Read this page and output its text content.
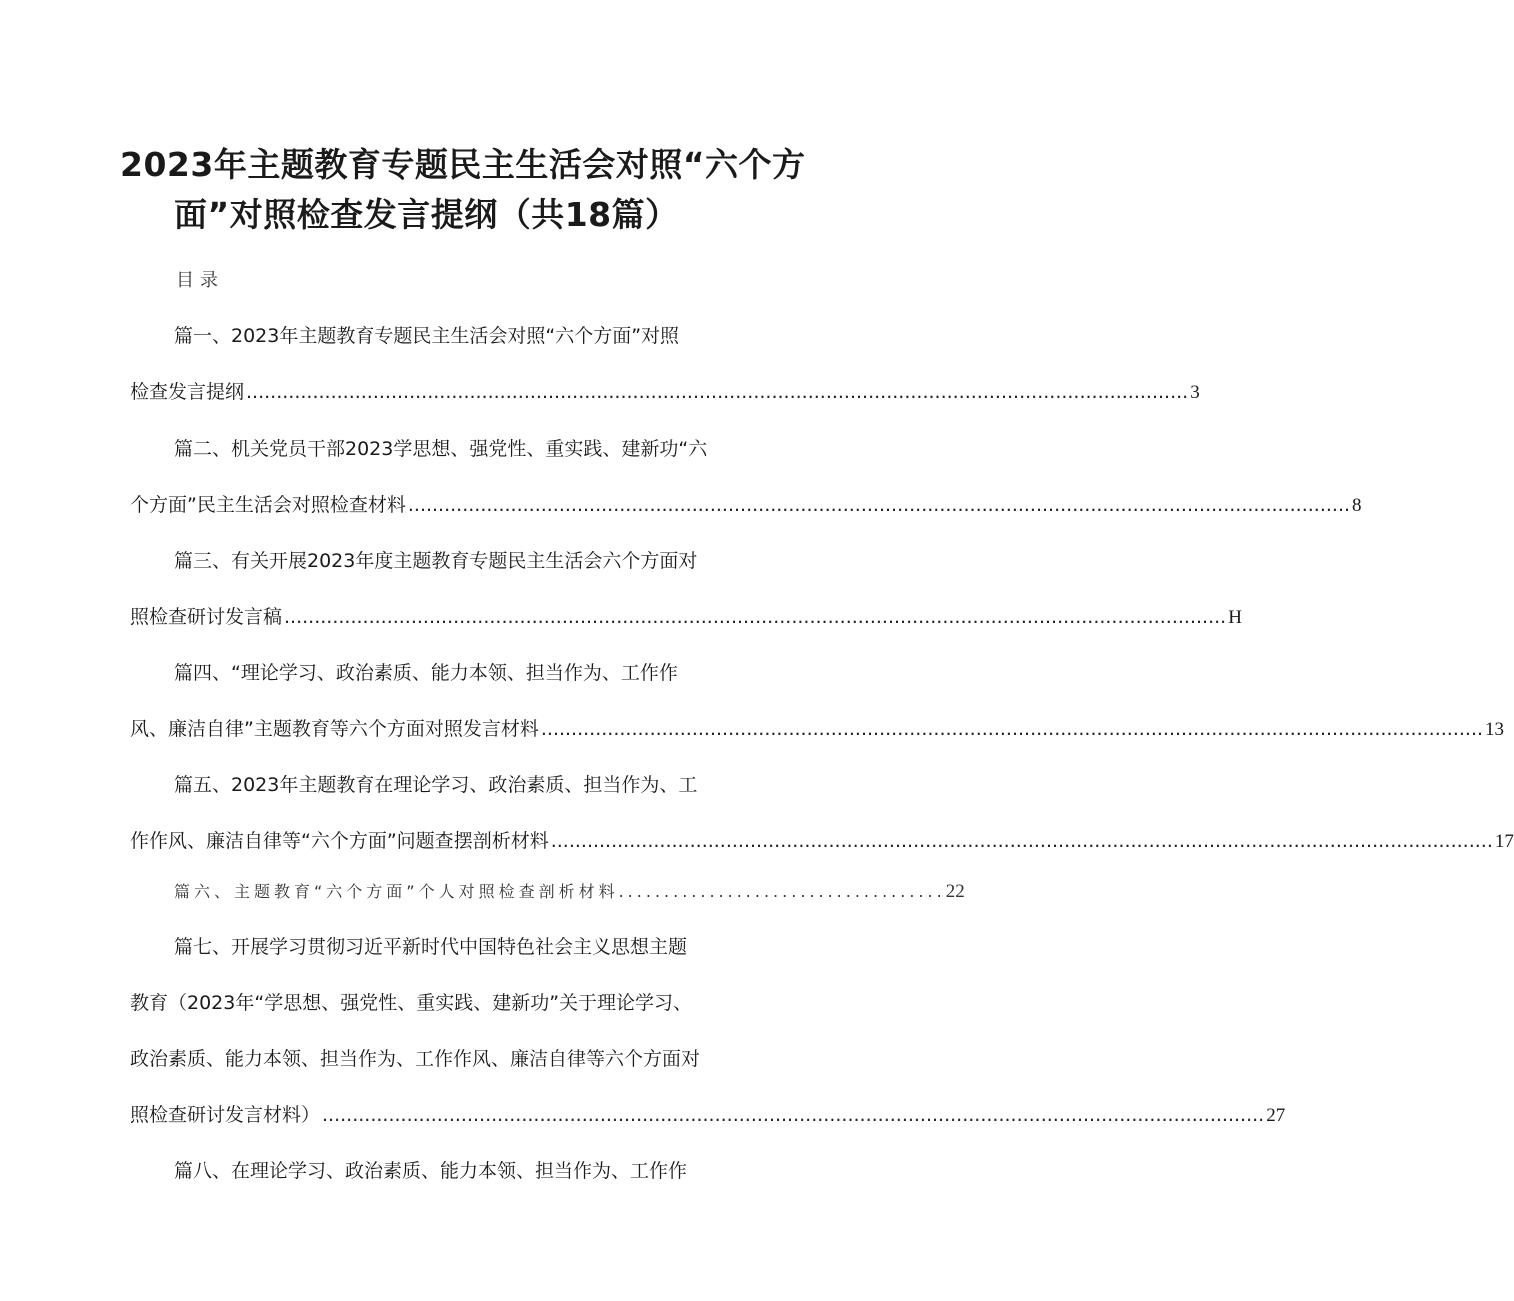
2023年主题教育专题民主生活会对照“六个方
面”对照检查发言提纲（共18篇）
目录
篇一、2023年主题教育专题民主生活会对照“六个方面”对照
检查发言提纲 ............................................................................................................................................................ 3
篇二、机关党员干部2023学思想、强党性、重实践、建新功“六
个方面”民主生活会对照检查材料 ............................................................................................................................................................ 8
篇三、有关开展2023年度主题教育专题民主生活会六个方面对
照检查研讨发言稿 ............................................................................................................................................................ H
篇四、“理论学习、政治素质、能力本领、担当作为、工作作
风、廉洁自律”主题教育等六个方面对照发言材料 ............................................................................................................................................................ 13
篇五、2023年主题教育在理论学习、政治素质、担当作为、工
作作风、廉洁自律等“六个方面”问题查摆剖析材料 ............................................................................................................................................................ 17
篇六、主题教育“六个方面”个人对照检查剖析材料 .................................... 22
篇七、开展学习贯彻习近平新时代中国特色社会主义思想主题
教育（2023年“学思想、强党性、重实践、建新功”关于理论学习、
政治素质、能力本领、担当作为、工作作风、廉洁自律等六个方面对
照检查研讨发言材料） ............................................................................................................................................................ 27
篇八、在理论学习、政治素质、能力本领、担当作为、工作作
